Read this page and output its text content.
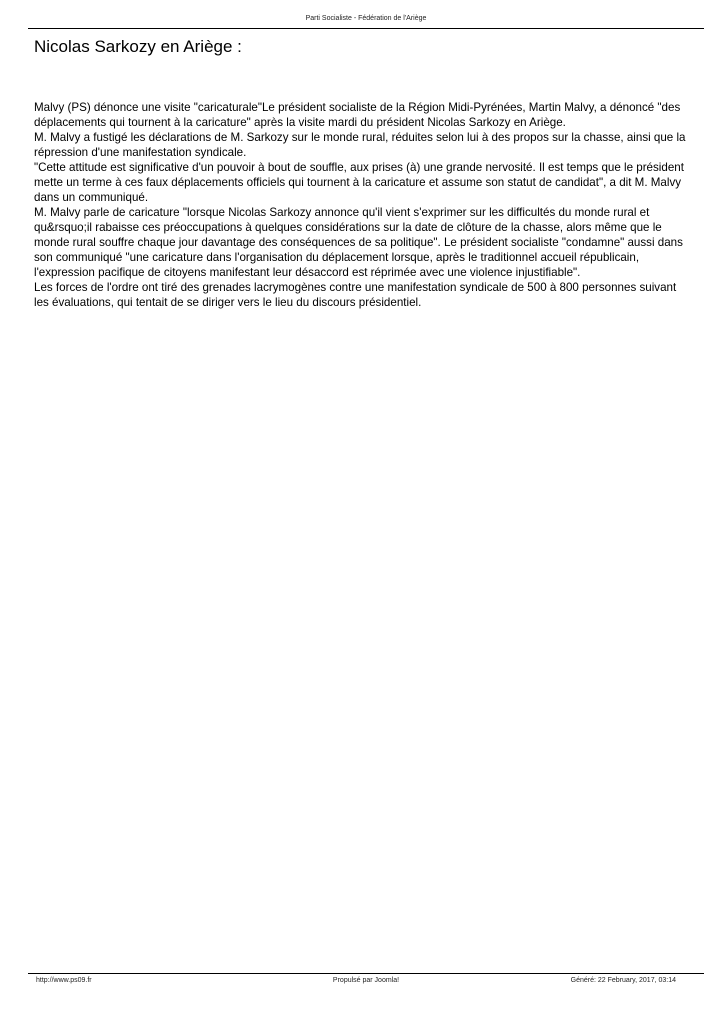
Parti Socialiste - Fédération de l'Ariège
Nicolas Sarkozy en Ariège :

Malvy (PS) dénonce une visite "caricaturale"Le président socialiste de la Région Midi-Pyrénées, Martin Malvy, a dénoncé "des déplacements qui tournent à la caricature" après la visite mardi du président Nicolas Sarkozy en Ariège.

M. Malvy a fustigé les déclarations de M. Sarkozy sur le monde rural, réduites selon lui à des propos sur la chasse, ainsi que la répression d'une manifestation syndicale.

"Cette attitude est significative d'un pouvoir à bout de souffle, aux prises (à) une grande nervosité. Il est temps que le président mette un terme à ces faux déplacements officiels qui tournent à la caricature et assume son statut de candidat", a dit M. Malvy dans un communiqué.

M. Malvy parle de caricature "lorsque Nicolas Sarkozy annonce qu'il vient s'exprimer sur les difficultés du monde rural et qu&rsquo;il rabaisse ces préoccupations à quelques considérations sur la date de clôture de la chasse, alors même que le monde rural souffre chaque jour davantage des conséquences de sa politique". Le président socialiste "condamne" aussi dans son communiqué "une caricature dans l'organisation du déplacement lorsque, après le traditionnel accueil républicain, l'expression pacifique de citoyens manifestant leur désaccord est réprimée avec une violence injustifiable".

Les forces de l'ordre ont tiré des grenades lacrymogènes contre une manifestation syndicale de 500 à 800 personnes suivant les évaluations, qui tentait de se diriger vers le lieu du discours présidentiel.

http://www.ps09.fr	Propulsé par Joomla!	Généré: 22 February, 2017, 03:14
